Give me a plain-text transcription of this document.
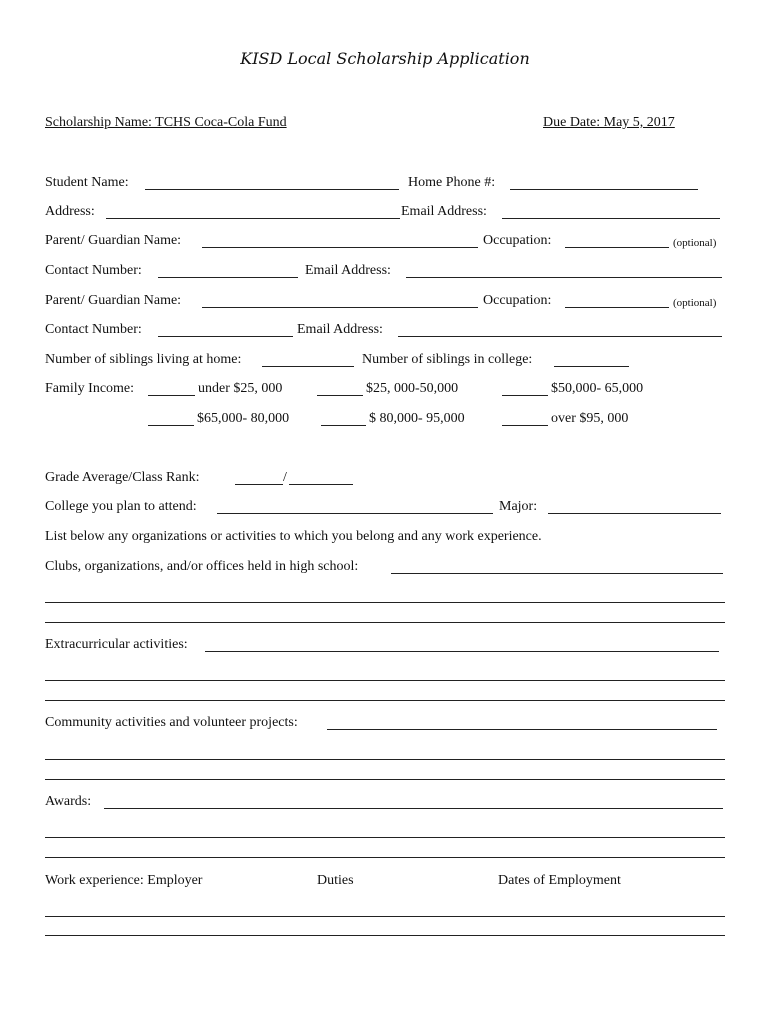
KISD Local Scholarship Application
Scholarship Name: TCHS Coca-Cola Fund	Due Date: May 5, 2017
Student Name:	Home Phone #:
Address:	Email Address:
Parent/ Guardian Name:	Occupation:	(optional)
Contact Number:	Email Address:
Parent/ Guardian Name:	Occupation:	(optional)
Contact Number:	Email Address:
Number of siblings living at home:	Number of siblings in college:
Family Income:	under $25, 000	$25, 000-50,000	$50,000- 65,000
$65,000- 80,000	$ 80,000- 95,000	over $95, 000
Grade Average/Class Rank:	/
College you plan to attend:	Major:
List below any organizations or activities to which you belong and any work experience.
Clubs, organizations, and/or offices held in high school:
Extracurricular activities:
Community activities and volunteer projects:
Awards:
Work experience: Employer	Duties	Dates of Employment
